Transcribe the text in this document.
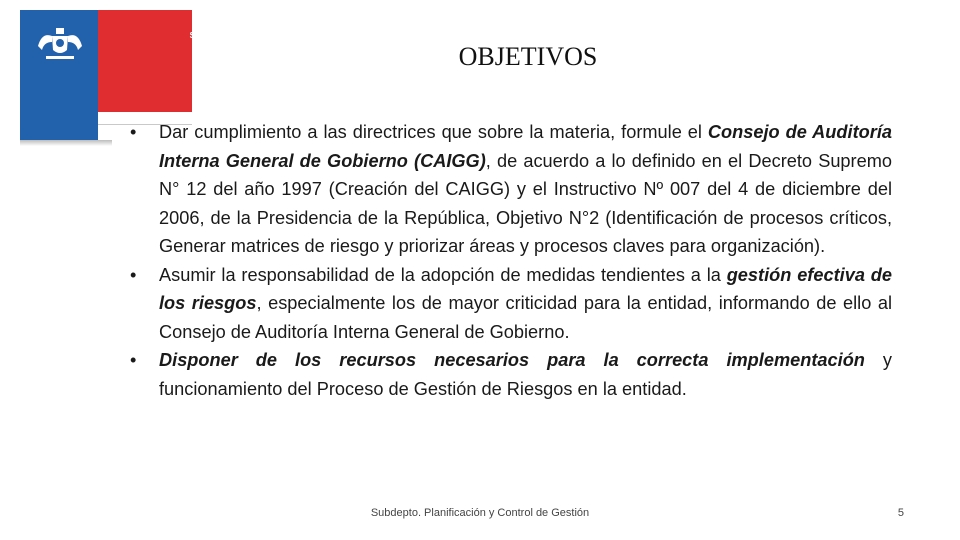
Servicio de Salud
Chiloé	OBJETIVOS
• Dar cumplimiento a las directrices que sobre la materia, formule el Consejo de Auditoría Interna General de Gobierno (CAIGG), de acuerdo a lo definido en el Decreto Supremo N° 12 del año 1997 (Creación del CAIGG) y el Instructivo Nº 007 del 4 de diciembre del 2006, de la Presidencia de la República, Objetivo N°2 (Identificación de procesos críticos, Generar matrices de riesgo y priorizar áreas y procesos claves para organización).
• Asumir la responsabilidad de la adopción de medidas tendientes a la gestión efectiva de los riesgos, especialmente los de mayor criticidad para la entidad, informando de ello al Consejo de Auditoría Interna General de Gobierno.
• Disponer de los recursos necesarios para la correcta implementación y funcionamiento del Proceso de Gestión de Riesgos en la entidad.
Subdepto. Planificación y Control de Gestión	5
